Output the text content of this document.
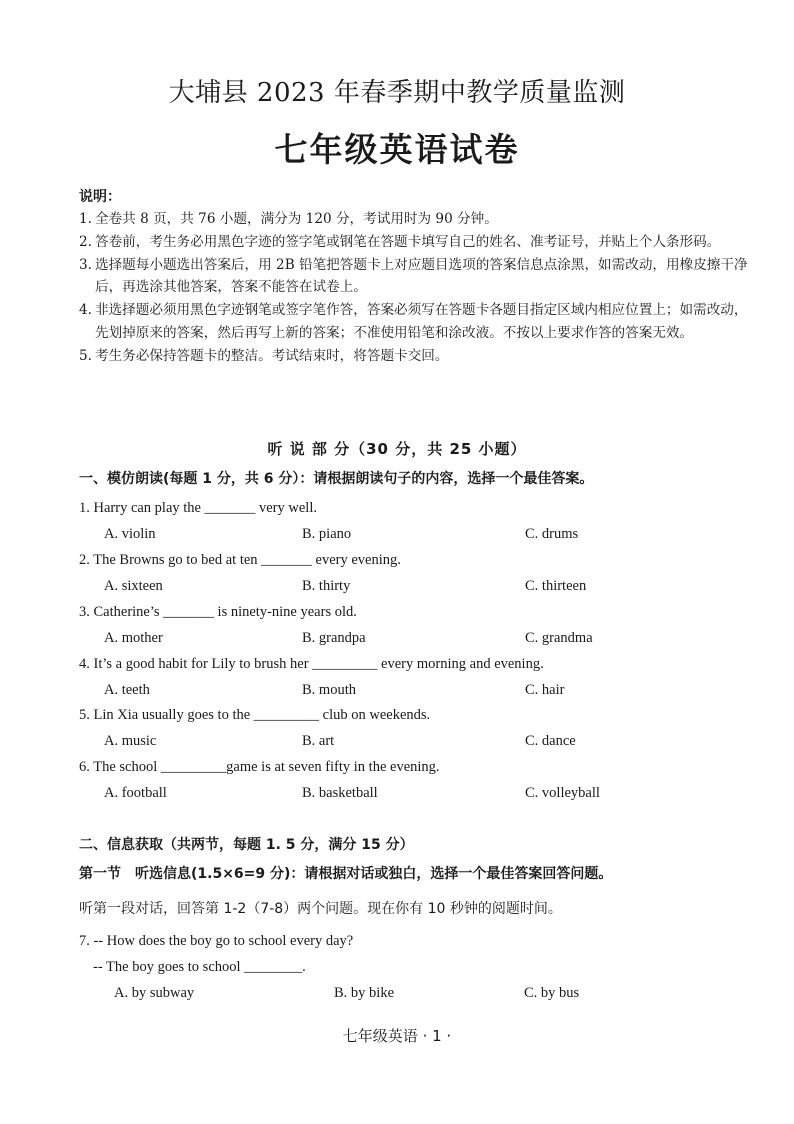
大埔县 2023 年春季期中教学质量监测
七年级英语试卷
说明：
1. 全卷共 8 页，共 76 小题，满分为 120 分，考试用时为 90 分钟。
2. 答卷前，考生务必用黑色字迹的签字笔或钢笔在答题卡填写自己的姓名、准考证号，并贴上个人条形码。
3. 选择题每小题选出答案后，用 2B 铅笔把答题卡上对应题目选项的答案信息点涂黑，如需改动，用橡皮擦干净后，再选涂其他答案，答案不能答在试卷上。
4. 非选择题必须用黑色字迹钢笔或签字笔作答，答案必须写在答题卡各题目指定区域内相应位置上；如需改动，先划掉原来的答案，然后再写上新的答案；不准使用铅笔和涂改液。不按以上要求作答的答案无效。
5. 考生务必保持答题卡的整洁。考试结束时，将答题卡交回。
听 说 部 分（30 分，共 25 小题）
一、模仿朗读(每题 1 分，共 6 分）：请根据朗读句子的内容，选择一个最佳答案。
1. Harry can play the _______ very well.
A. violin	B. piano	C. drums
2. The Browns go to bed at ten _______ every evening.
A. sixteen	B. thirty	C. thirteen
3. Catherine’s _______ is ninety-nine years old.
A. mother	B. grandpa	C. grandma
4. It’s a good habit for Lily to brush her _________ every morning and evening.
A. teeth	B. mouth	C. hair
5. Lin Xia usually goes to the _________ club on weekends.
A. music	B. art	C. dance
6. The school _________game is at seven fifty in the evening.
A. football	B. basketball	C. volleyball
二、信息获取（共两节，每题 1. 5 分，满分 15 分）
第一节　听选信息(1.5×6=9 分)：请根据对话或独白，选择一个最佳答案回答问题。
听第一段对话，回答第 1-2（7-8）两个问题。现在你有 10 秒钟的阅题时间。
7. -- How does the boy go to school every day?
-- The boy goes to school ________.
A. by subway	B. by bike	C. by bus
七年级英语 · 1 ·
